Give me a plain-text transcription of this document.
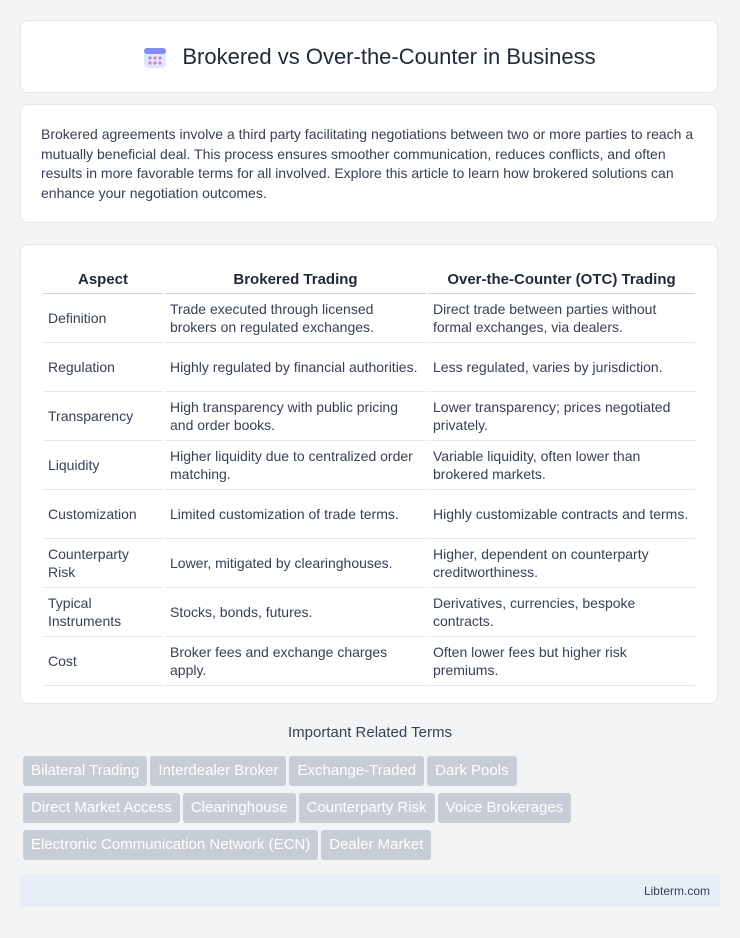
Brokered vs Over-the-Counter in Business

Brokered agreements involve a third party facilitating negotiations between two or more parties to reach a mutually beneficial deal. This process ensures smoother communication, reduces conflicts, and often results in more favorable terms for all involved. Explore this article to learn how brokered solutions can enhance your negotiation outcomes.

Aspect	Brokered Trading	Over-the-Counter (OTC) Trading
Definition	Trade executed through licensed brokers on regulated exchanges.	Direct trade between parties without formal exchanges, via dealers.
Regulation	Highly regulated by financial authorities.	Less regulated, varies by jurisdiction.
Transparency	High transparency with public pricing and order books.	Lower transparency; prices negotiated privately.
Liquidity	Higher liquidity due to centralized order matching.	Variable liquidity, often lower than brokered markets.
Customization	Limited customization of trade terms.	Highly customizable contracts and terms.
Counterparty Risk	Lower, mitigated by clearinghouses.	Higher, dependent on counterparty creditworthiness.
Typical Instruments	Stocks, bonds, futures.	Derivatives, currencies, bespoke contracts.
Cost	Broker fees and exchange charges apply.	Often lower fees but higher risk premiums.
Important Related Terms
Bilateral Trading Interdealer Broker Exchange-Traded Dark Pools
Direct Market Access Clearinghouse Counterparty Risk Voice Brokerages
Electronic Communication Network (ECN) Dealer Market
Libterm.com
